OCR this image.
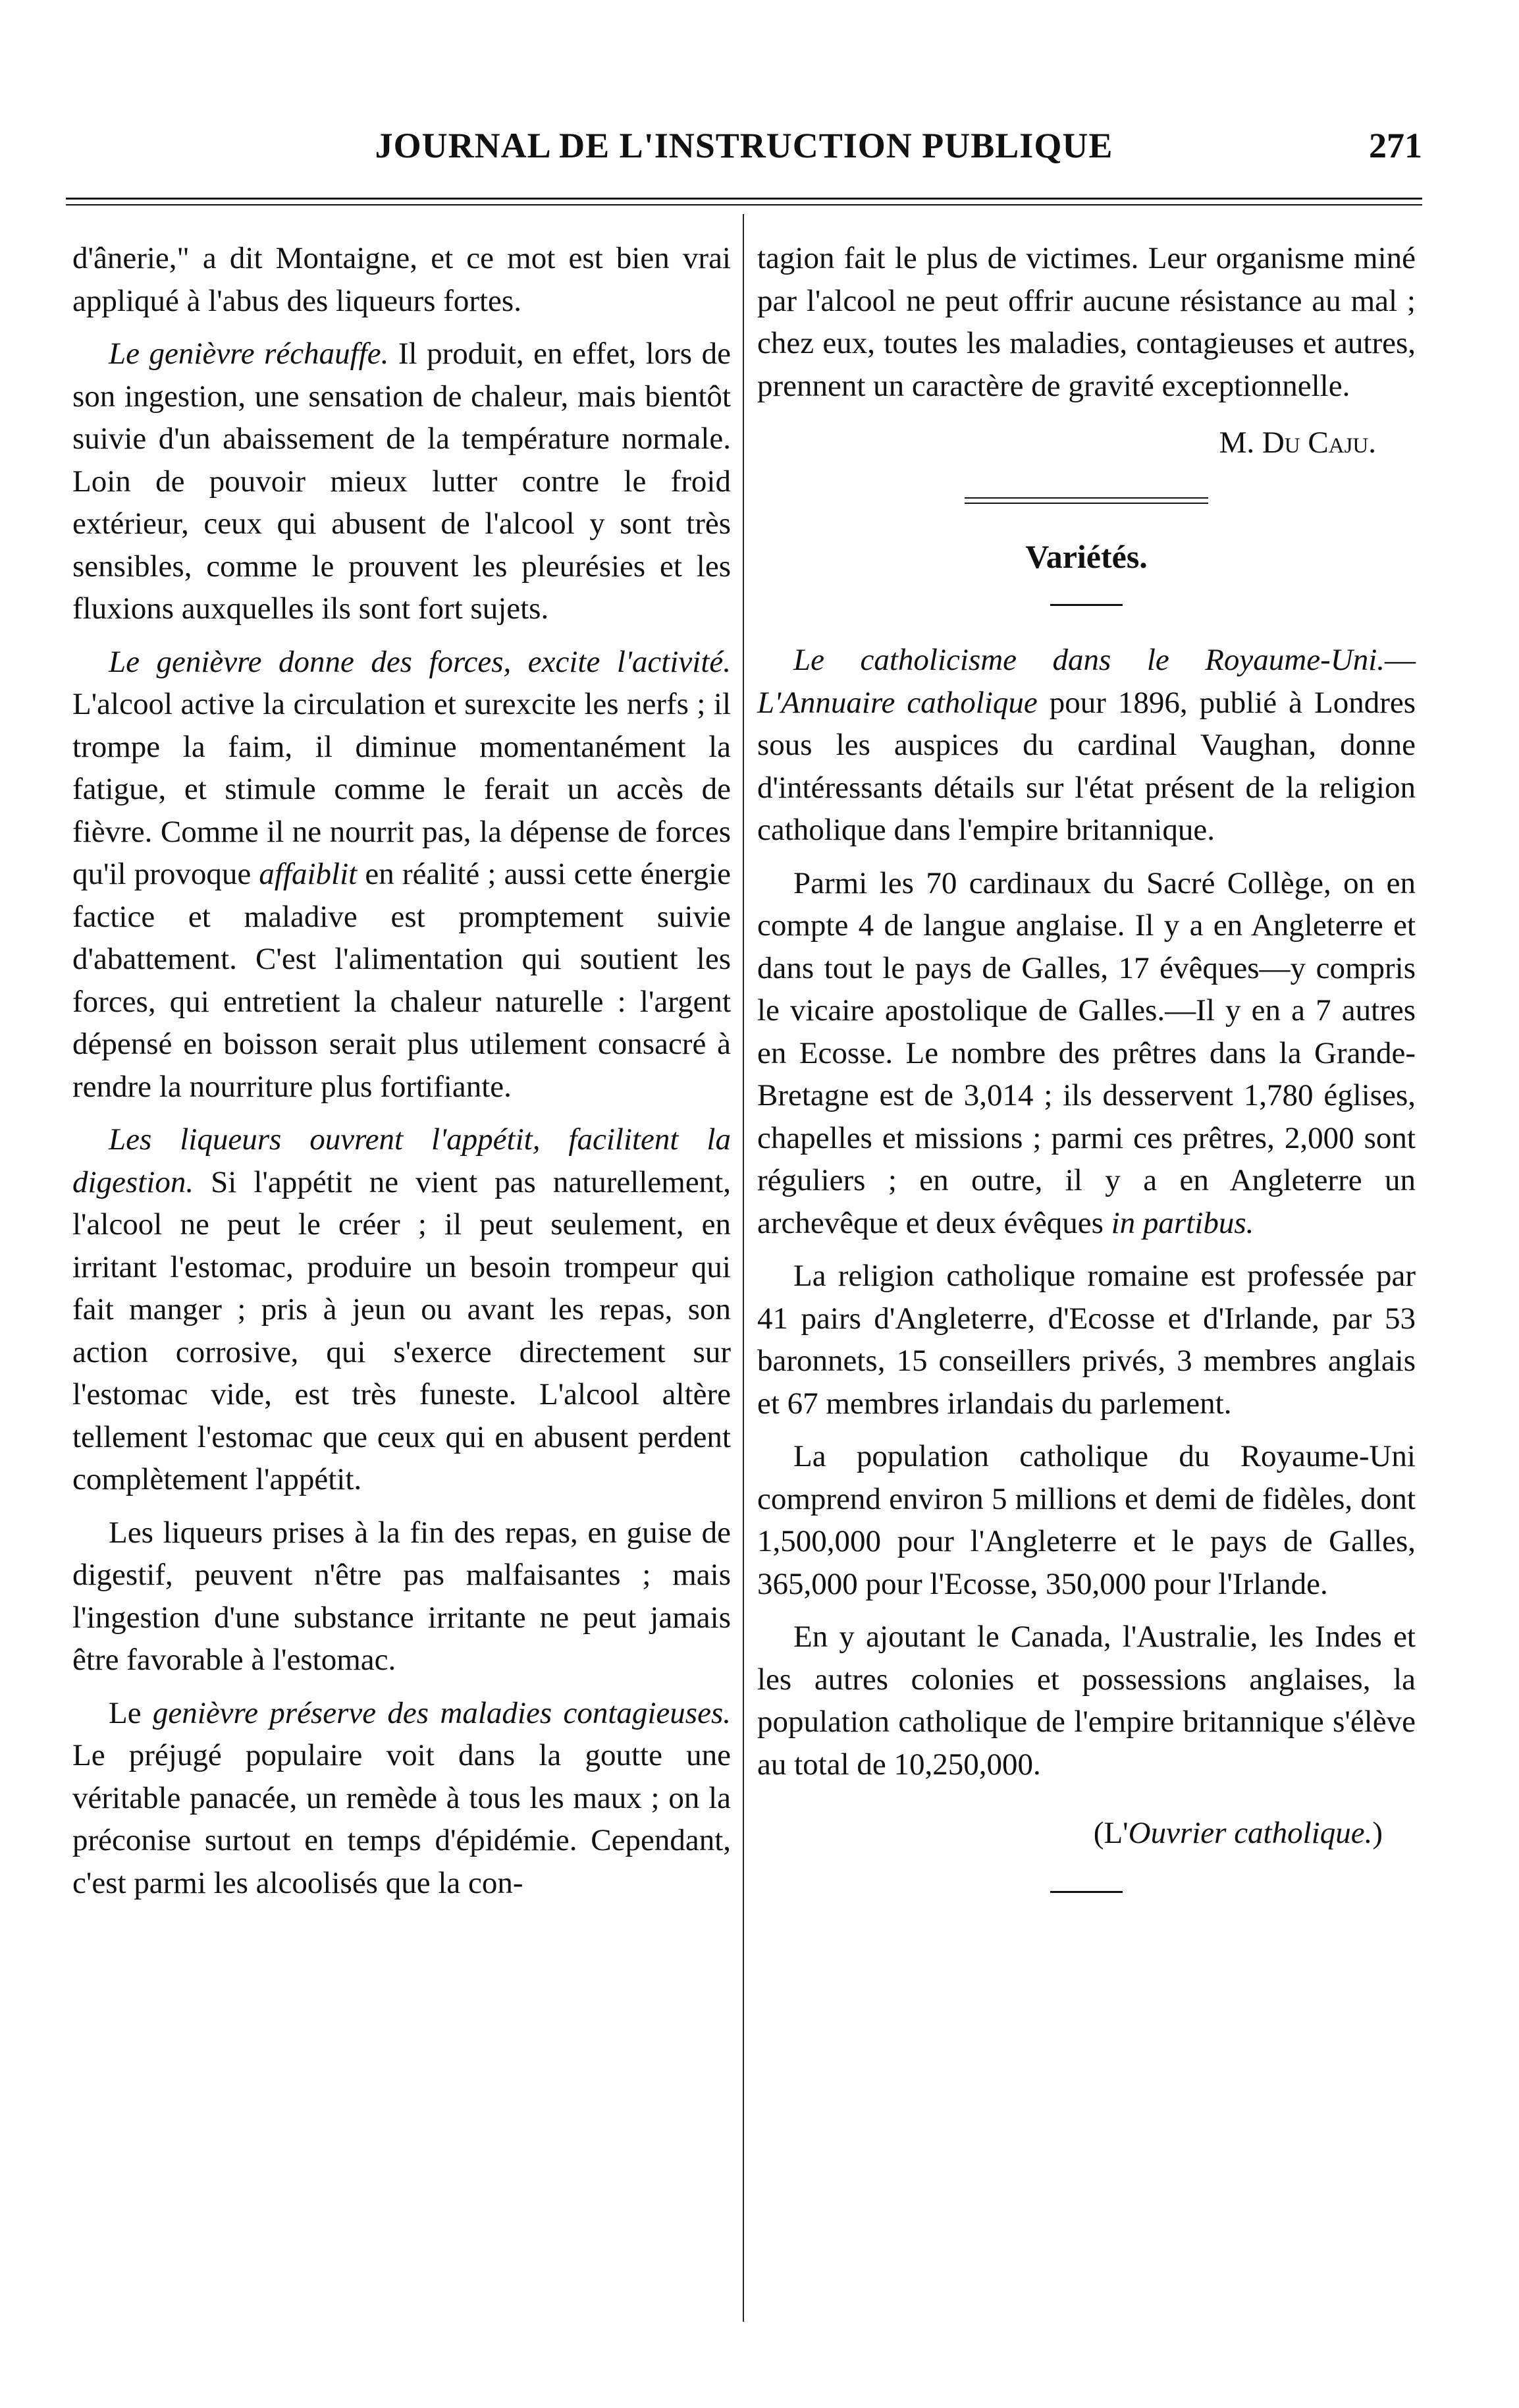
JOURNAL DE L'INSTRUCTION PUBLIQUE	271

d'ânerie," a dit Montaigne, et ce mot est bien vrai appliqué à l'abus des liqueurs fortes.

Le genièvre réchauffe. Il produit, en effet, lors de son ingestion, une sensation de chaleur, mais bientôt suivie d'un abaissement de la température normale. Loin de pouvoir mieux lutter contre le froid extérieur, ceux qui abusent de l'alcool y sont très sensibles, comme le prouvent les pleurésies et les fluxions auxquelles ils sont fort sujets.

Le genièvre donne des forces, excite l'activité. L'alcool active la circulation et surexcite les nerfs ; il trompe la faim, il diminue momentanément la fatigue, et stimule comme le ferait un accès de fièvre. Comme il ne nourrit pas, la dépense de forces qu'il provoque affaiblit en réalité ; aussi cette énergie factice et maladive est promptement suivie d'abattement. C'est l'alimentation qui soutient les forces, qui entretient la chaleur naturelle : l'argent dépensé en boisson serait plus utilement consacré à rendre la nourriture plus fortifiante.

Les liqueurs ouvrent l'appétit, facilitent la digestion. Si l'appétit ne vient pas naturellement, l'alcool ne peut le créer ; il peut seulement, en irritant l'estomac, produire un besoin trompeur qui fait manger ; pris à jeun ou avant les repas, son action corrosive, qui s'exerce directement sur l'estomac vide, est très funeste. L'alcool altère tellement l'estomac que ceux qui en abusent perdent complètement l'appétit.

Les liqueurs prises à la fin des repas, en guise de digestif, peuvent n'être pas malfaisantes ; mais l'ingestion d'une substance irritante ne peut jamais être favorable à l'estomac.

Le genièvre préserve des maladies contagieuses. Le préjugé populaire voit dans la goutte une véritable panacée, un remède à tous les maux ; on la préconise surtout en temps d'épidémie. Cependant, c'est parmi les alcoolisés que la con-

tagion fait le plus de victimes. Leur organisme miné par l'alcool ne peut offrir aucune résistance au mal ; chez eux, toutes les maladies, contagieuses et autres, prennent un caractère de gravité exceptionnelle.

M. Du Caju.
Variétés.

Le catholicisme dans le Royaume-Uni.—L'Annuaire catholique pour 1896, publié à Londres sous les auspices du cardinal Vaughan, donne d'intéressants détails sur l'état présent de la religion catholique dans l'empire britannique.

Parmi les 70 cardinaux du Sacré Collège, on en compte 4 de langue anglaise. Il y a en Angleterre et dans tout le pays de Galles, 17 évêques—y compris le vicaire apostolique de Galles.—Il y en a 7 autres en Ecosse. Le nombre des prêtres dans la Grande-Bretagne est de 3,014 ; ils desservent 1,780 églises, chapelles et missions ; parmi ces prêtres, 2,000 sont réguliers ; en outre, il y a en Angleterre un archevêque et deux évêques in partibus.

La religion catholique romaine est professée par 41 pairs d'Angleterre, d'Ecosse et d'Irlande, par 53 baronnets, 15 conseillers privés, 3 membres anglais et 67 membres irlandais du parlement.

La population catholique du Royaume-Uni comprend environ 5 millions et demi de fidèles, dont 1,500,000 pour l'Angleterre et le pays de Galles, 365,000 pour l'Ecosse, 350,000 pour l'Irlande.

En y ajoutant le Canada, l'Australie, les Indes et les autres colonies et possessions anglaises, la population catholique de l'empire britannique s'élève au total de 10,250,000.

(L'Ouvrier catholique.)
